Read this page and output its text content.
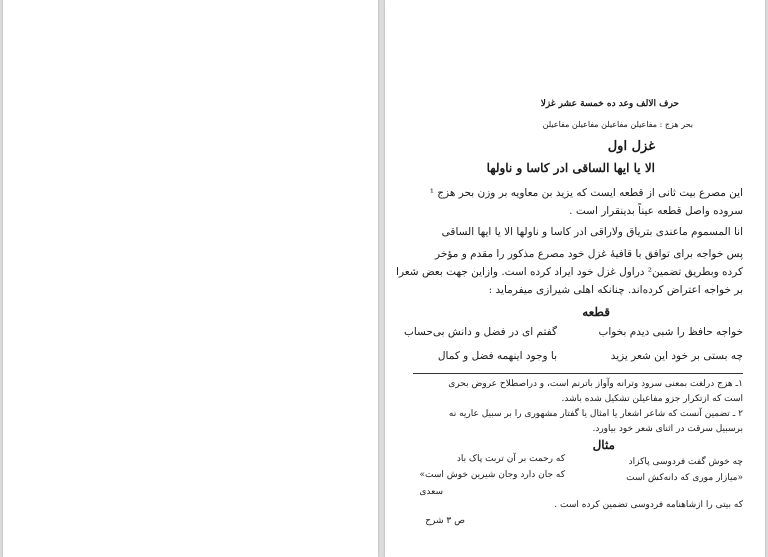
حرف الالف وعد ده خمسة عشر غزلا
بحر هزج : مفاعیلن مفاعیلن مفاعیلن مفاعیلن
غزل اول
الا یا ایها الساقی ادر کاسا و ناولها
این مصرع بیت ثانی از قطعه ایست که یزید بن معاویه بر وزن بحر هزج ¹
سروده واصل قطعه عیناً بدینقرار است .
انا المسموم ماعندی بتریاق ولاراقی ادر کاسا و ناولها الا یا ایها الساقی
پس خواجه برای توافق با قافیهٔ غزل خود مصرع مذکور را مقدم و مؤخر
کرده وبطریق تضمین² دراول غزل خود ایراد کرده است. وازاین جهت بعض شعرا
بر خواجه اعتراض کرده‌اند. چنانکه اهلی شیرازی میفرماید :
قطعه
خواجه حافظ را شبی دیدم بخواب
گفتم ای در فضل و دانش بی‌حساب
چه بستی بر خود این شعر یزید
با وجود اینهمه فضل و کمال
١ـ هزج درلغت بمعنی سرود وترانه وآواز باترنم است، و دراصطلاح عروض بحری
است که ازتکرار جزو مفاعیلن تشکیل شده باشد.
٢ ـ تضمین آنست که شاعر اشعار یا امثال یا گفتار مشهوری را بر سبیل عاریه نه
برسبیل سرقت در اثنای شعر خود بیاورد.
مثال
چه خوش گفت فردوسی پاکزاد
که رحمت بر آن تربت پاک باد
«میازار موری که دانه‌کش است
که جان دارد وجان شیرین خوش است»
سعدی
که بیتی را ازشاهنامه فردوسی تضمین کرده است .
ص ٣ شرح
